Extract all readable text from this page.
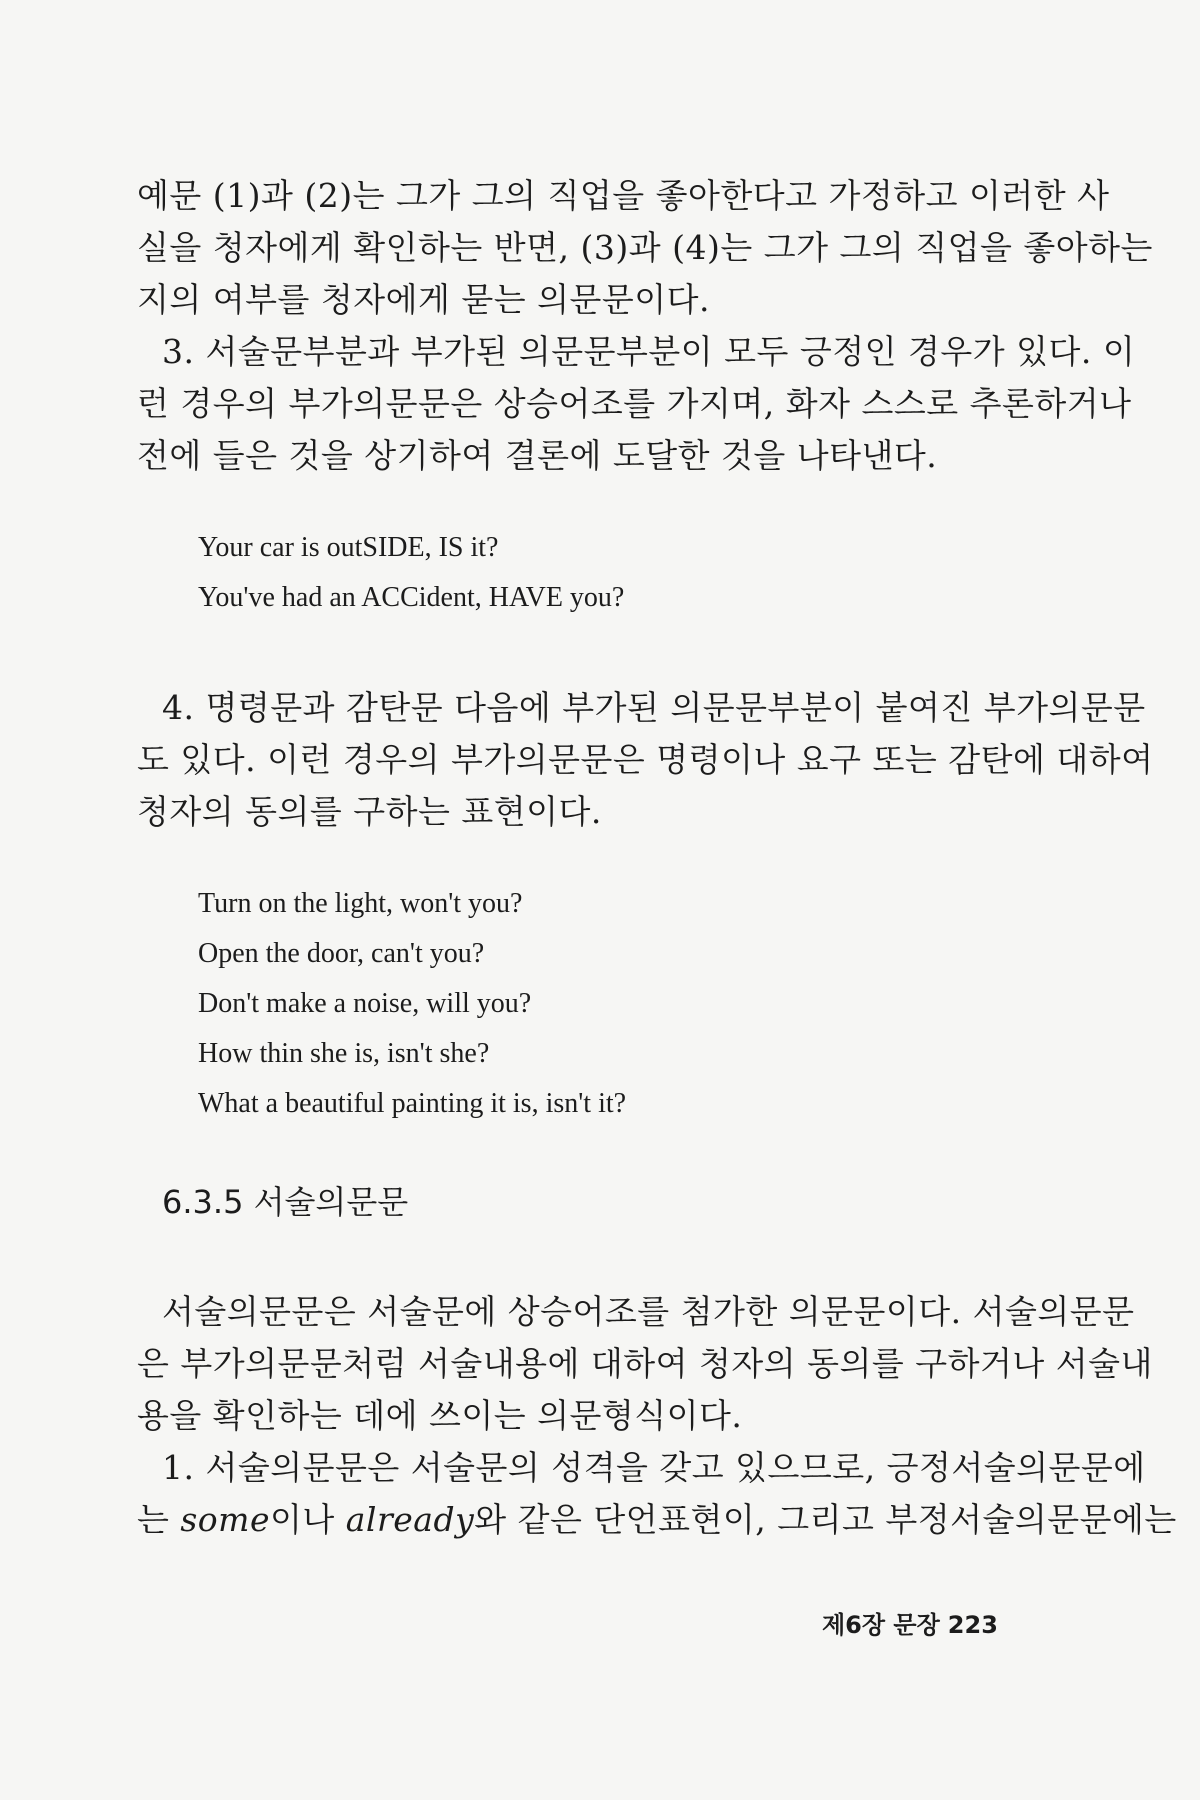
예문 (1)과 (2)는 그가 그의 직업을 좋아한다고 가정하고 이러한 사
실을 청자에게 확인하는 반면, (3)과 (4)는 그가 그의 직업을 좋아하는
지의 여부를 청자에게 묻는 의문문이다.
3. 서술문부분과 부가된 의문문부분이 모두 긍정인 경우가 있다. 이
런 경우의 부가의문문은 상승어조를 가지며, 화자 스스로 추론하거나
전에 들은 것을 상기하여 결론에 도달한 것을 나타낸다.
Your car is outSIDE, IS it?
You've had an ACCident, HAVE you?
4. 명령문과 감탄문 다음에 부가된 의문문부분이 붙여진 부가의문문
도 있다. 이런 경우의 부가의문문은 명령이나 요구 또는 감탄에 대하여
청자의 동의를 구하는 표현이다.
Turn on the light, won't you?
Open the door, can't you?
Don't make a noise, will you?
How thin she is, isn't she?
What a beautiful painting it is, isn't it?
6.3.5 서술의문문
서술의문문은 서술문에 상승어조를 첨가한 의문문이다. 서술의문문
은 부가의문문처럼 서술내용에 대하여 청자의 동의를 구하거나 서술내
용을 확인하는 데에 쓰이는 의문형식이다.
1. 서술의문문은 서술문의 성격을 갖고 있으므로, 긍정서술의문문에
는 some이나 already와 같은 단언표현이, 그리고 부정서술의문문에는
제6장 문장 223
